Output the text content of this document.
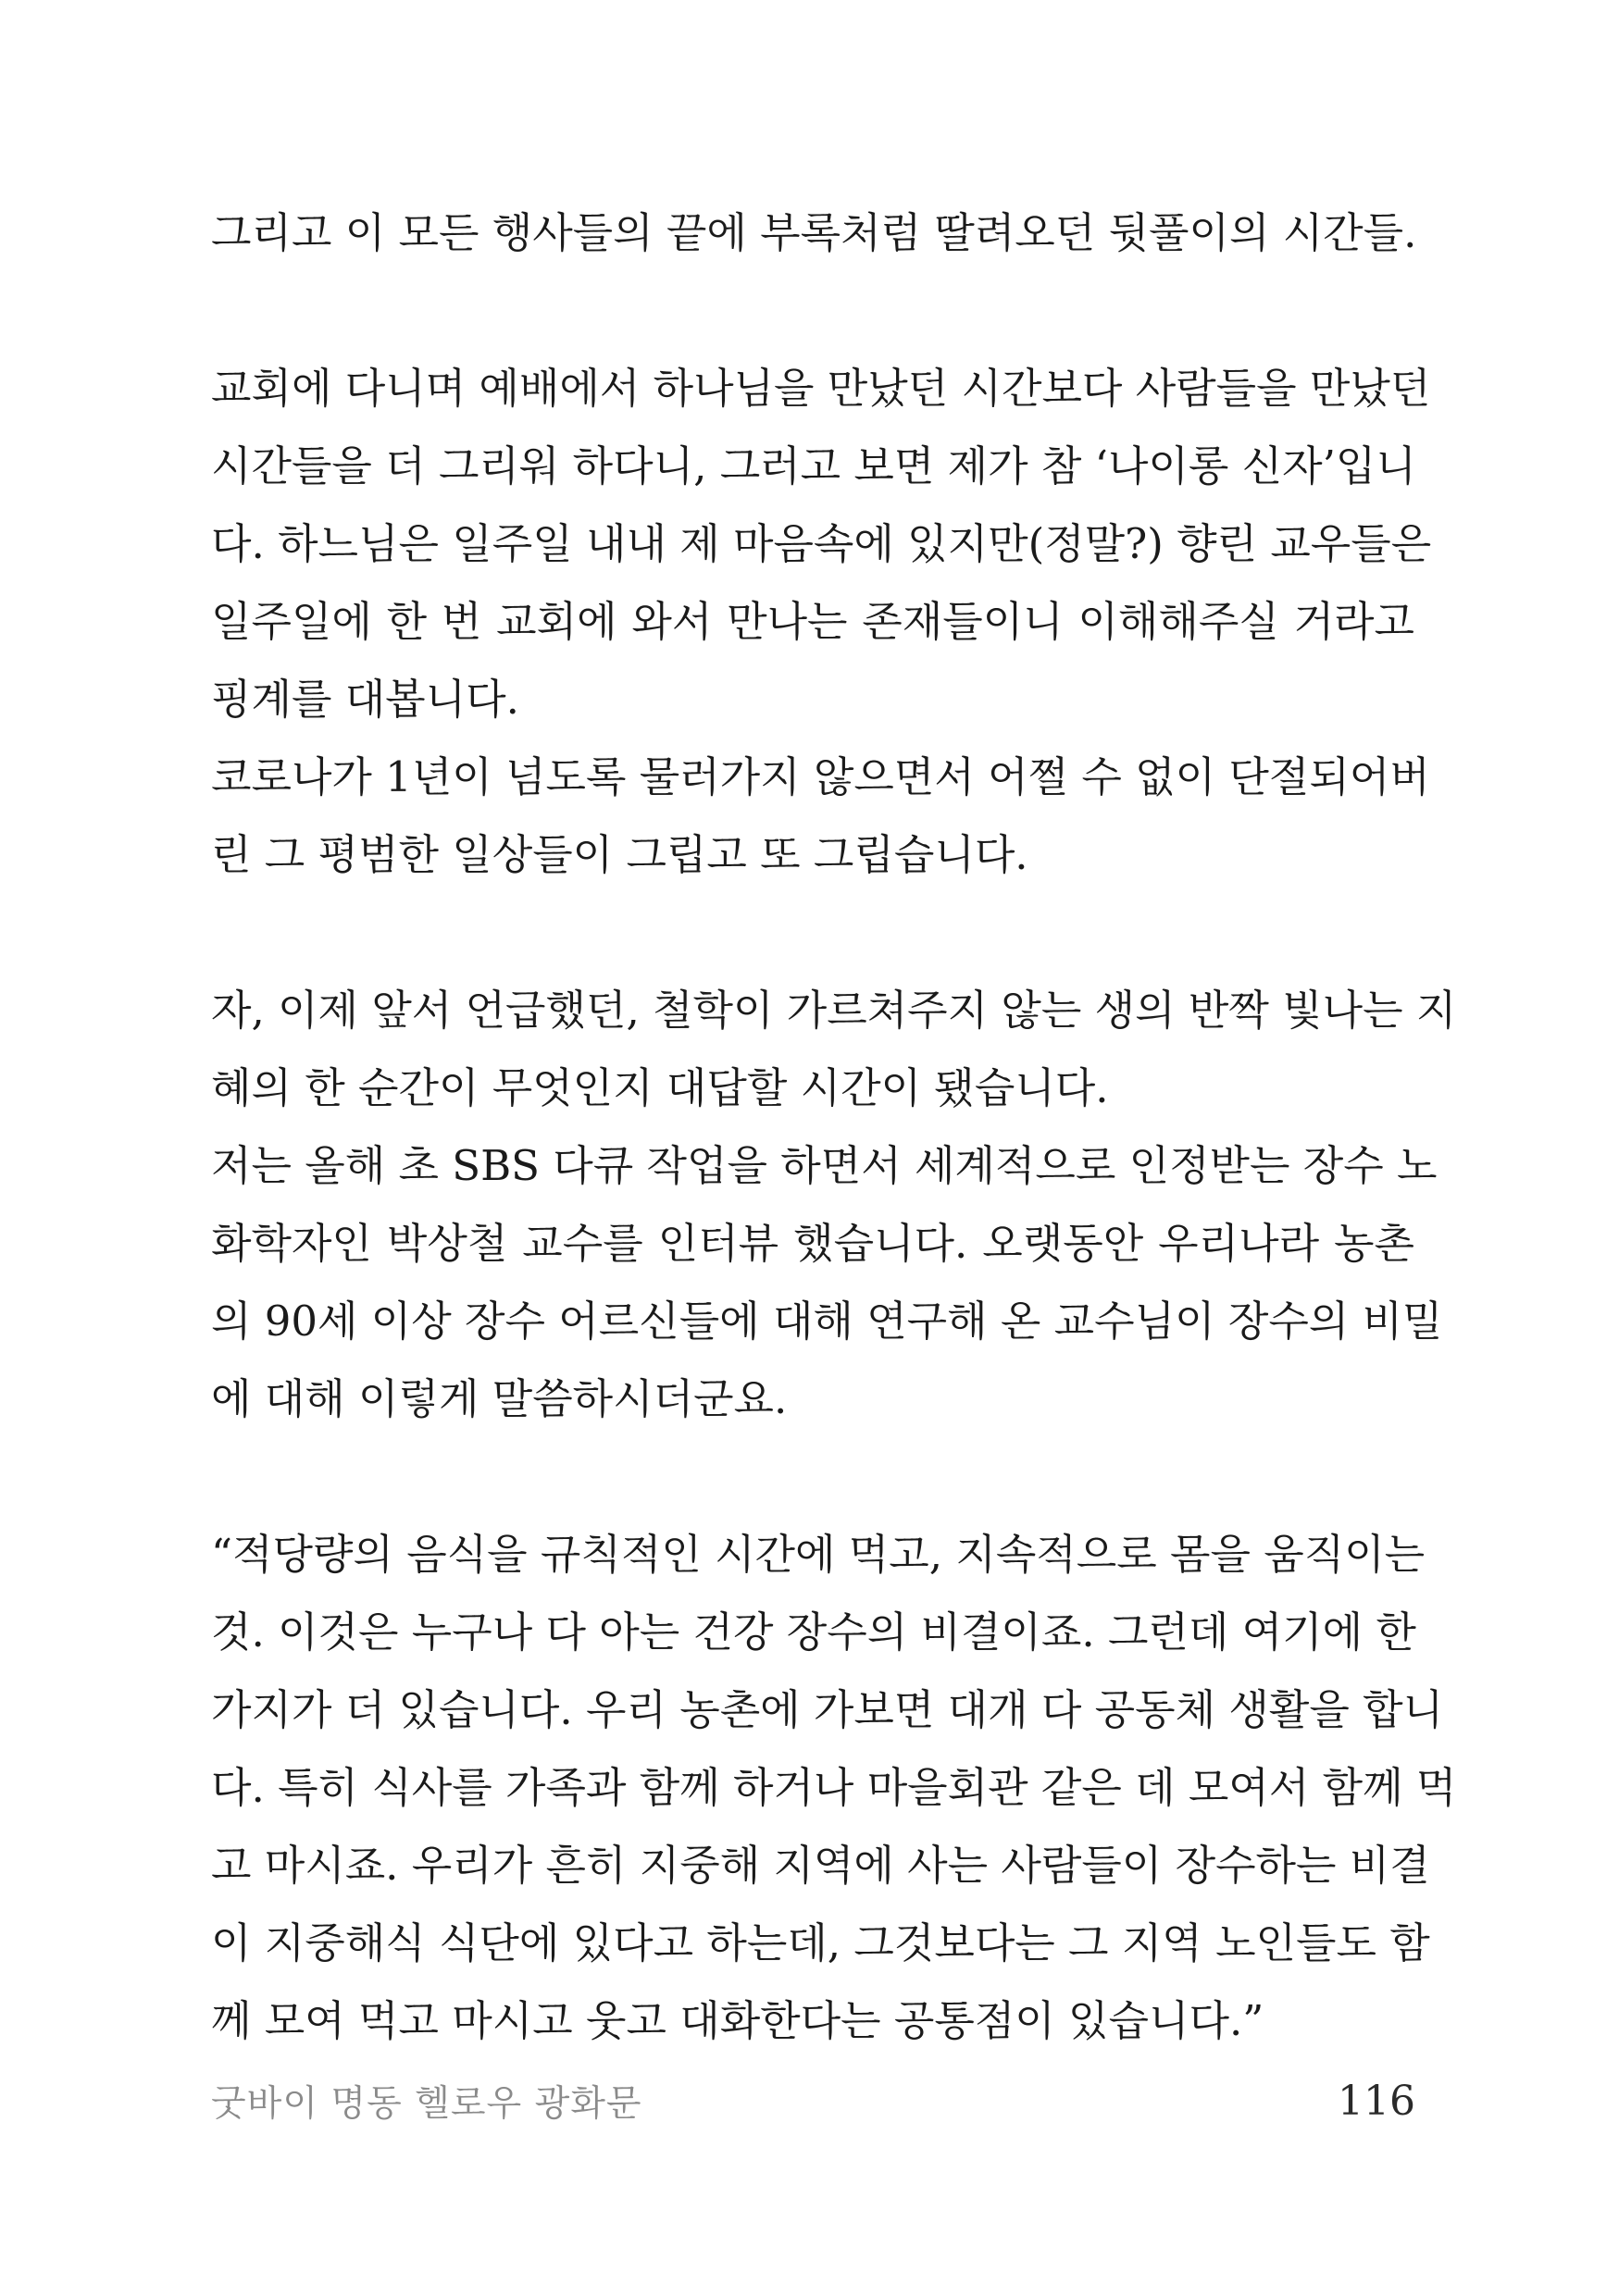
그리고 이 모든 행사들의 끝에 부록처럼 딸려오던 뒷풀이의 시간들.
교회에 다니며 예배에서 하나님을 만났던 시간보다 사람들을 만났던
시간들을 더 그리워 하다니, 그러고 보면 제가 참 ‘나이롱 신자’입니
다. 하느님은 일주일 내내 제 마음속에 있지만(정말?) 향린 교우들은
일주일에 한 번 교회에 와서 만나는 존재들이니 이해해주실 거라고
핑계를 대봅니다.
코로나가 1년이 넘도록 물러가지 않으면서 어쩔 수 없이 단절되어버
린 그 평범한 일상들이 그립고 또 그립습니다.
자, 이제 앞서 언급했던, 철학이 가르쳐주지 않는 생의 반짝 빛나는 지
혜의 한 순간이 무엇인지 대답할 시간이 됐습니다.
저는 올해 초 SBS 다큐 작업을 하면서 세계적으로 인정받는 장수 노
화학자인 박상철 교수를 인터뷰 했습니다. 오랫동안 우리나라 농촌
의 90세 이상 장수 어르신들에 대해 연구해 온 교수님이 장수의 비밀
에 대해 이렇게 말씀하시더군요.
“적당량의 음식을 규칙적인 시간에 먹고, 지속적으로 몸을 움직이는
것. 이것은 누구나 다 아는 건강 장수의 비결이죠. 그런데 여기에 한
가지가 더 있습니다. 우리 농촌에 가보면 대개 다 공동체 생활을 합니
다. 특히 식사를 가족과 함께 하거나 마을회관 같은 데 모여서 함께 먹
고 마시죠. 우리가 흔히 지중해 지역에 사는 사람들이 장수하는 비결
이 지중해식 식단에 있다고 하는데, 그것보다는 그 지역 노인들도 함
께 모여 먹고 마시고 웃고 대화한다는 공통점이 있습니다.”
굿바이 명동 헬로우 광화문	116
